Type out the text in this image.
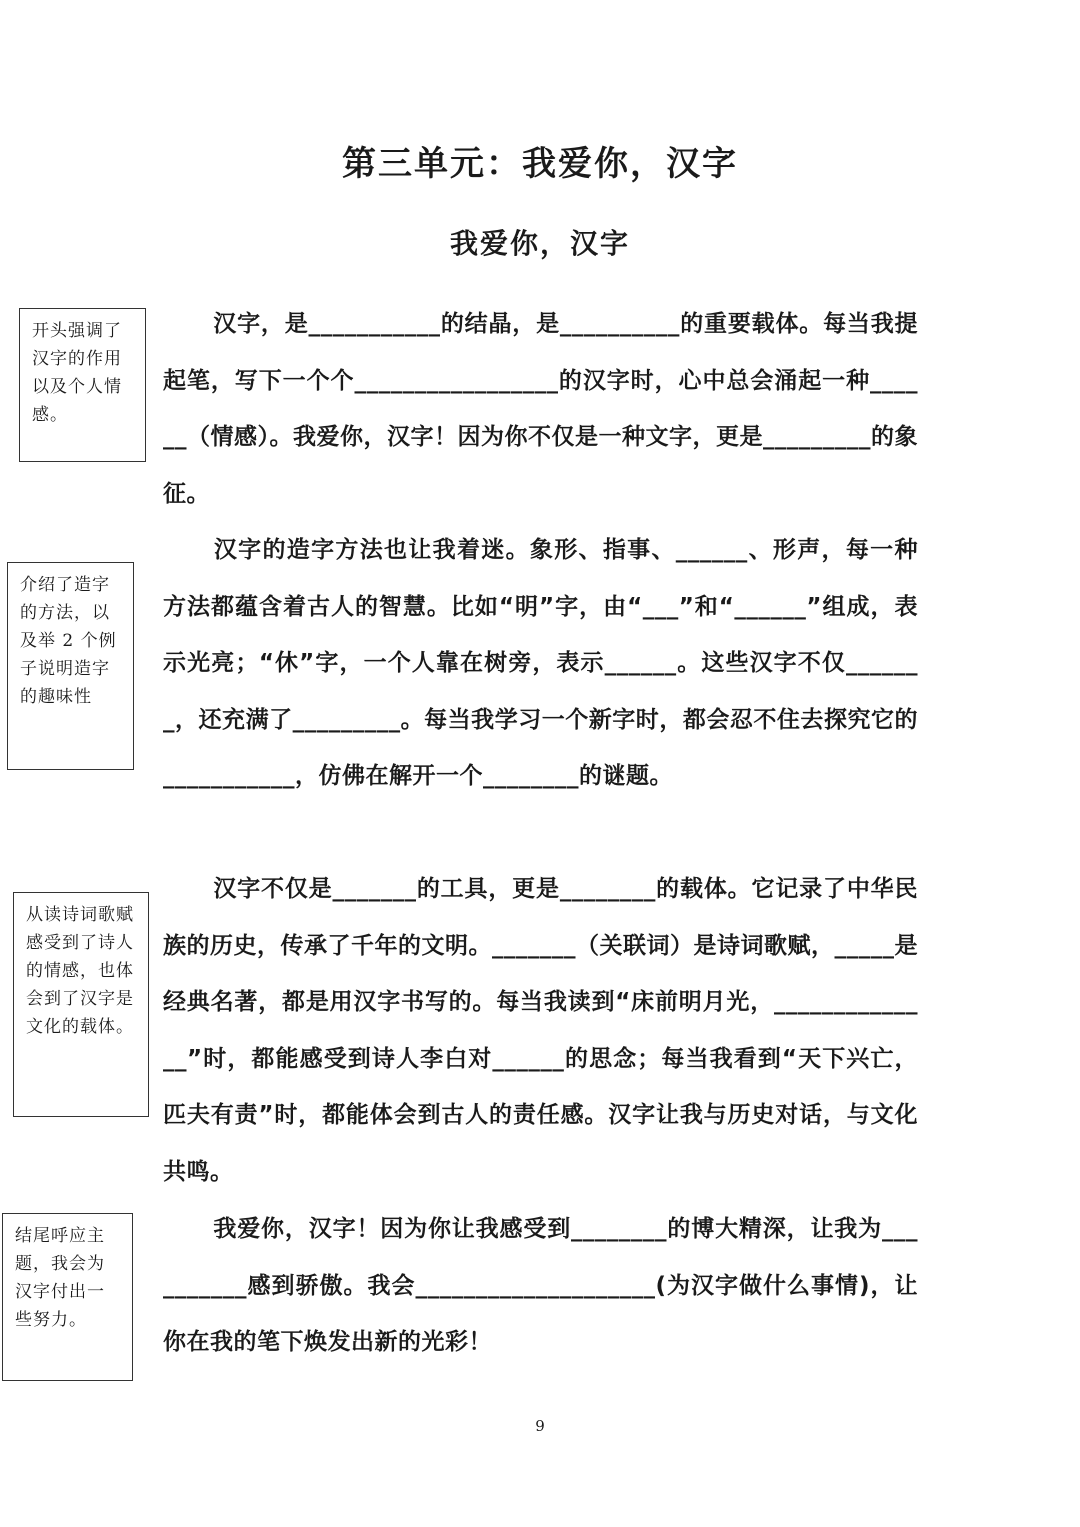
第三单元：我爱你，汉字
我爱你，汉字
开头强调了汉字的作用以及个人情感。
介绍了造字的方法，以及举 2 个例子说明造字的趣味性
从读诗词歌赋感受到了诗人的情感，也体会到了汉字是文化的载体。
结尾呼应主题，我会为汉字付出一些努力。
汉字，是___________的结晶，是__________的重要载体。每当我提起笔，写下一个个_________________的汉字时，心中总会涌起一种______（情感）。我爱你，汉字！因为你不仅是一种文字，更是_________的象征。
汉字的造字方法也让我着迷。象形、指事、______、形声，每一种方法都蕴含着古人的智慧。比如“明”字，由“___”和“______”组成，表示光亮；“休”字，一个人靠在树旁，表示______。这些汉字不仅_______，还充满了_________。每当我学习一个新字时，都会忍不住去探究它的___________，仿佛在解开一个________的谜题。
汉字不仅是_______的工具，更是________的载体。它记录了中华民族的历史，传承了千年的文明。_______（关联词）是诗词歌赋，_____是经典名著，都是用汉字书写的。每当我读到“床前明月光，______________”时，都能感受到诗人李白对______的思念；每当我看到“天下兴亡，匹夫有责”时，都能体会到古人的责任感。汉字让我与历史对话，与文化共鸣。
我爱你，汉字！因为你让我感受到________的博大精深，让我为__________感到骄傲。我会____________________(为汉字做什么事情)，让你在我的笔下焕发出新的光彩！
9
